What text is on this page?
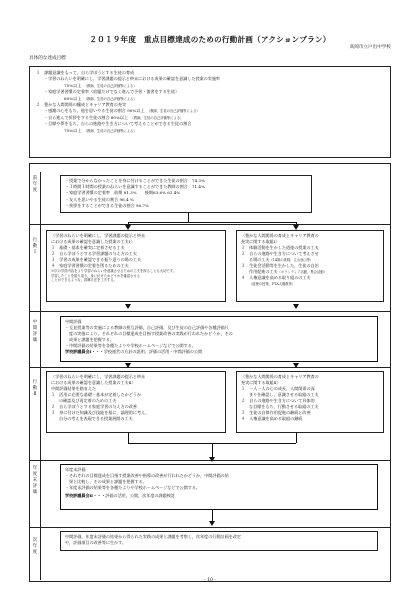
２０１９年度　重点目標達成のための行動計画（アクションプラン）
高岡市立戸出中学校
具体的な達成目標
１　課題意識をもって，自ら学ぼうとする生徒の育成
・学習のねらいを明確にし，学習課題の提示と終末における成果の確認を意識した授業の実施率
75%以上　 （教師，生徒の自己評価等による）
・家庭学習習慣の定着率（宿題だけでなく進んで予習・復習をする生徒）
60%以上　 （教師，生徒の自己評価等による）
２　豊かな人間関係の醸成とキャリア教育の充実
・感謝の心をもち，他を思いやる生徒の割合 90%以上　 （教師，生徒の自己評価等による）
・自ら進んで挨拶をする生徒の割合 80%以上　 （教師，生徒の自己評価等による）
・目標や夢をもち，自らの進路や生き方について考えることができる生徒の割合
75%以上　 （教師，生徒の自己評価等による）
前
年
度
行
動
Ⅰ
中
間
評
価
行
動
Ⅱ
年
度
末
評
価
次
年
度
・授業で分からなかったことを身に付けることができた生徒の割合　74.3%
・１時間１時間の授業のねらいを意識することができた教師の割合　71.4%
・家庭学習習慣の定着率　前期 81.3%　　後期63.6% 62.4%
・友人を思いやる生徒の割合 96.4 %
・挨拶をすることができる生徒の割合 96.7%
〈学習のねらいを明確にし，学習課題の提示と終末
における成果の確認を意識した授業の工夫Ⅰ〉
１　基礎・基本を確実に定着させる工夫
２　自ら学ぼうとする学習課題の与え方の工夫
３　学習の成果を確認できる振り返りの場の工夫
４　家庭学習習慣の定着を図るための工夫
※次の学習内容をより学習のねらいを意識させるための工夫を探ることも大切です。
学習したことを振り返り，身に付けたかどうかを確認させる
ことができるような，指導方法を工夫する。
〈豊かな人間関係の育成とキャリア教育の
充実に関する取組Ⅰ〉
１　体験活動を生かした道徳の授業の工夫
２　自らの進路や生き方について考えさせ
る場の工夫（14歳の挑戦，立山登山等）
３　生徒会活動等を生かした，生徒の自治
作用促進の工夫（ボランティア活動，集会活動）
４　人権意識を高める取り組みの工夫
（道徳の授業，PTA人権教育）
中間評価
・互見授業等の実施による教師の相互評価，自己評価，及び生徒の自己評価や各種評価尺
度の実施により，それぞれの目標達成を目指す授業改善の実践が行われたかどうか，その
成果と課題を把握する。
・中間評価の結果等を各種たよりや学校ホームページなどで公開する。
学校評議員会Ⅰ・・・学校運営の方針の説明，評価の活用・中間評価の公開
〈学習のねらいを明確にし，学習課題の提示と終末
における成果の確認を意識した授業の工夫Ⅱ〉
中間評価結果を踏まえた
１　活用に必要な基礎・基本が定着したかどうか
の確認及び再定着のための工夫
２　自ら学ぼうとする家庭学習の与え方の改善
３　身に付けた知識及び技能を基に，論理的に考え，
自分の考えを表現できる授業展開の工夫
〈豊かな人間関係の育成とキャリア教育の
充実に関する取組Ⅱ〉
１　一人一人の心の成長，人間関係の深
まりを確認し，意識させる取組の工夫
２　自らの進路や生き方について具体的
な目標をもち，行動させる取組の工夫
３　生徒の自律作用促進の継続と改善
４　人権意識を高める取組の継続
年度末評価
・それぞれの目標達成を目指す授業改善や指導の改善が行われたかどうか，中間評価の結
果と比較し，その成果と課題を把握する。
・年度末評価の結果等を各種たよりや学校ホームページなどで公開する。
学校評議員会Ⅱ・・・評価の活用，公開，次年度の課題検討
中間評価，年度末評価の結果から得られた実践の成果と課題を考察し，次年度の行動計画を改定
や，評価項目の改善等に生かす。
- 10 -
